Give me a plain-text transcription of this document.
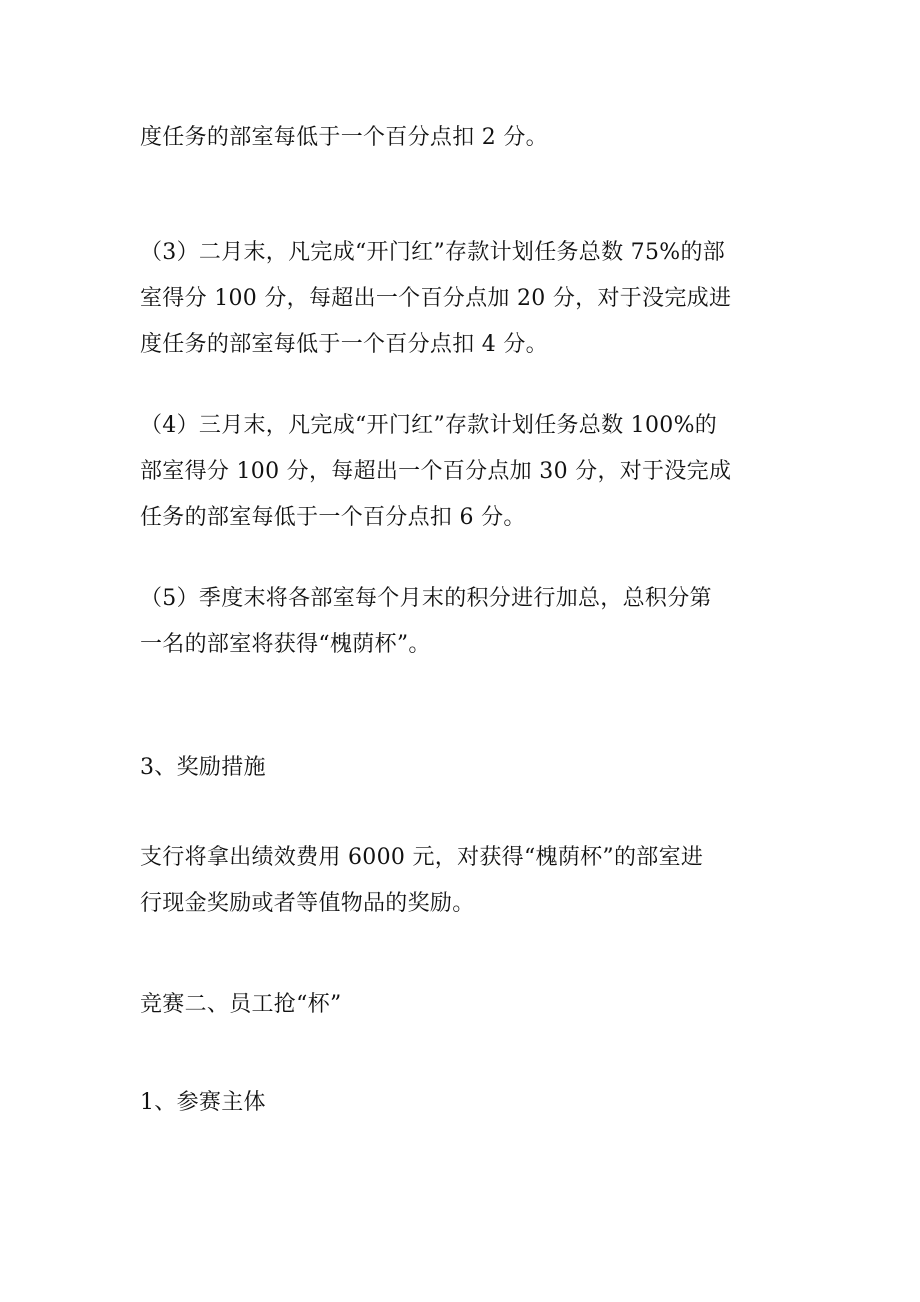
度任务的部室每低于一个百分点扣 2 分。

（3）二月末，凡完成“开门红”存款计划任务总数 75%的部
室得分 100 分，每超出一个百分点加 20 分，对于没完成进
度任务的部室每低于一个百分点扣 4 分。

（4）三月末，凡完成“开门红”存款计划任务总数 100%的
部室得分 100 分，每超出一个百分点加 30 分，对于没完成
任务的部室每低于一个百分点扣 6 分。

（5）季度末将各部室每个月末的积分进行加总，总积分第
一名的部室将获得“槐荫杯”。

3、奖励措施

支行将拿出绩效费用 6000 元，对获得“槐荫杯”的部室进
行现金奖励或者等值物品的奖励。

竞赛二、员工抢“杯”

1、参赛主体
